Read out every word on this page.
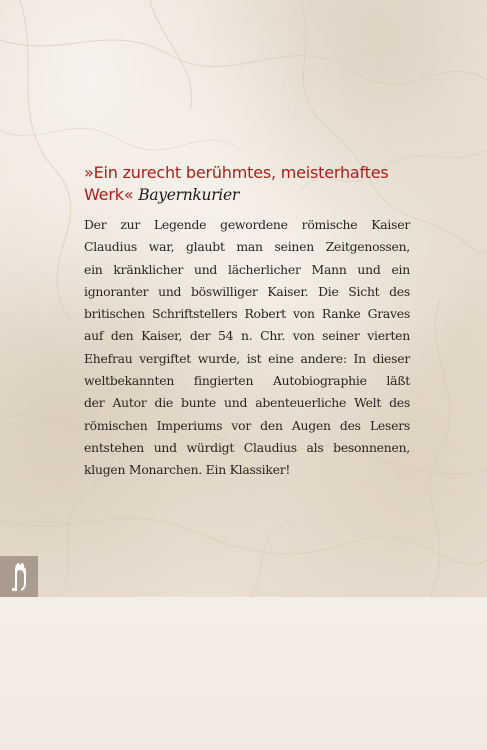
»Ein zurecht berühmtes, meisterhaftes
Werk« Bayernkurier

Der zur Legende gewordene römische Kaiser
Claudius war, glaubt man seinen Zeitgenossen,
ein kränklicher und lächerlicher Mann und ein
ignoranter und böswilliger Kaiser. Die Sicht des
britischen Schriftstellers Robert von Ranke Graves
auf den Kaiser, der 54 n. Chr. von seiner vierten
Ehefrau vergiftet wurde, ist eine andere: In dieser
weltbekannten fingierten Autobiographie läßt
der Autor die bunte und abenteuerliche Welt des
römischen Imperiums vor den Augen des Lesers
entstehen und würdigt Claudius als besonnenen,
klugen Monarchen. Ein Klassiker!
